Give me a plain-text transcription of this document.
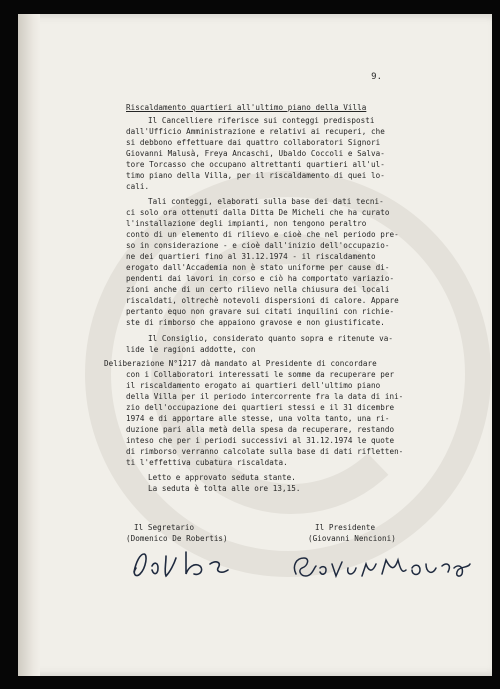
9.
Riscaldamento quartieri all'ultimo piano della Villa
Il Cancelliere riferisce sui conteggi predisposti
dall'Ufficio Amministrazione e relativi ai recuperi, che
si debbono effettuare dai quattro collaboratori Signori
Giovanni Malusà, Freya Ancaschi, Ubaldo Coccoli e Salva-
tore Torcasso che occupano altrettanti quartieri all'ul-
timo piano della Villa, per il riscaldamento di quei lo-
cali.
Tali conteggi, elaborati sulla base dei dati tecni-
ci solo ora ottenuti dalla Ditta De Micheli che ha curato
l'installazione degli impianti, non tengono peraltro
conto di un elemento di rilievo e cioè che nel periodo pre-
so in considerazione - e cioè dall'inizio dell'occupazio-
ne dei quartieri fino al 31.12.1974 - il riscaldamento
erogato dall'Accademia non è stato uniforme per cause di-
pendenti dai lavori in corso e ciò ha comportato variazio-
zioni anche di un certo rilievo nella chiusura dei locali
riscaldati, oltrechè notevoli dispersioni di calore. Appare
pertanto equo non gravare sui citati inquilini con richie-
ste di rimborso che appaiono gravose e non giustificate.
Il Consiglio, considerato quanto sopra e ritenute va-
lide le ragioni addotte, con
Deliberazione N°1217 dà mandato al Presidente di concordare
con i Collaboratori interessati le somme da recuperare per
il riscaldamento erogato ai quartieri dell'ultimo piano
della Villa per il periodo intercorrente fra la data di ini-
zio dell'occupazione dei quartieri stessi e il 31 dicembre
1974 e di apportare alle stesse, una volta tanto, una ri-
duzione pari alla metà della spesa da recuperare, restando
inteso che per i periodi successivi al 31.12.1974 le quote
di rimborso verranno calcolate sulla base di dati rifletten-
ti l'effettiva cubatura riscaldata.
Letto e approvato seduta stante.
La seduta è tolta alle ore 13,15.
Il Segretario
(Domenico De Robertis)
Il Presidente
(Giovanni Nencioni)
